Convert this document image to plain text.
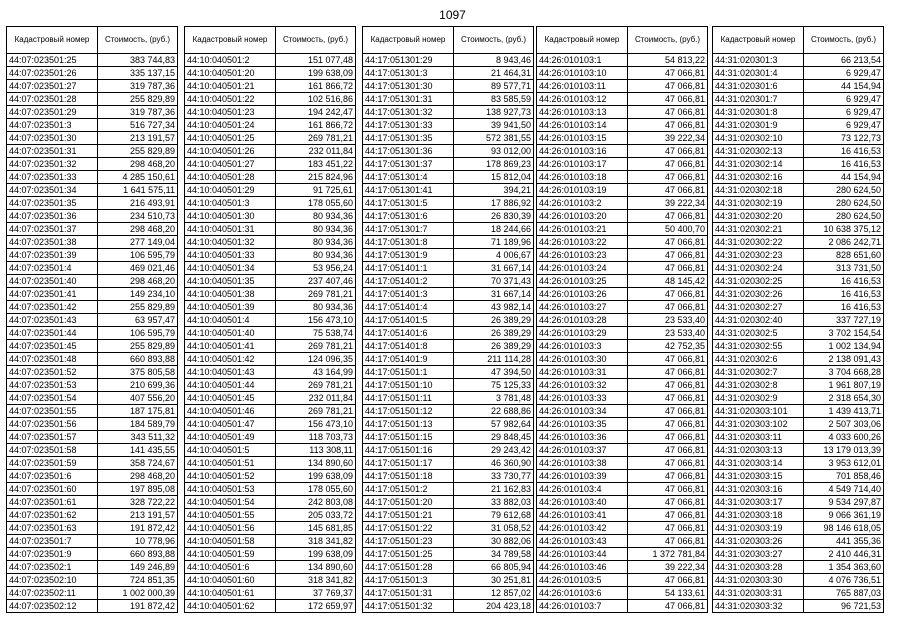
1097
Кадастровый номер	Стоимость, (руб.)
44:07:023501:25	383 744,83
44:07:023501:26	335 137,15
44:07:023501:27	319 787,36
44:07:023501:28	255 829,89
44:07:023501:29	319 787,36
44:07:023501:3	516 727,34
44:07:023501:30	213 191,57
44:07:023501:31	255 829,89
44:07:023501:32	298 468,20
44:07:023501:33	4 285 150,61
44:07:023501:34	1 641 575,11
44:07:023501:35	216 493,91
44:07:023501:36	234 510,73
44:07:023501:37	298 468,20
44:07:023501:38	277 149,04
44:07:023501:39	106 595,79
44:07:023501:4	469 021,46
44:07:023501:40	298 468,20
44:07:023501:41	149 234,10
44:07:023501:42	255 829,89
44:07:023501:43	63 957,47
44:07:023501:44	106 595,79
44:07:023501:45	255 829,89
44:07:023501:48	660 893,88
44:07:023501:52	375 805,58
44:07:023501:53	210 699,36
44:07:023501:54	407 556,20
44:07:023501:55	187 175,81
44:07:023501:56	184 589,79
44:07:023501:57	343 511,32
44:07:023501:58	141 435,55
44:07:023501:59	358 724,67
44:07:023501:6	298 468,20
44:07:023501:60	197 895,08
44:07:023501:61	328 722,22
44:07:023501:62	213 191,57
44:07:023501:63	191 872,42
44:07:023501:7	10 778,96
44:07:023501:9	660 893,88
44:07:023502:1	149 246,89
44:07:023502:10	724 851,35
44:07:023502:11	1 002 000,39
44:07:023502:12	191 872,42
Кадастровый номер	Стоимость, (руб.)
44:10:040501:2	151 077,48
44:10:040501:20	199 638,09
44:10:040501:21	161 866,72
44:10:040501:22	102 516,86
44:10:040501:23	194 242,47
44:10:040501:24	161 866,72
44:10:040501:25	269 781,21
44:10:040501:26	232 011,84
44:10:040501:27	183 451,22
44:10:040501:28	215 824,96
44:10:040501:29	91 725,61
44:10:040501:3	178 055,60
44:10:040501:30	80 934,36
44:10:040501:31	80 934,36
44:10:040501:32	80 934,36
44:10:040501:33	80 934,36
44:10:040501:34	53 956,24
44:10:040501:35	237 407,46
44:10:040501:38	269 781,21
44:10:040501:39	80 934,36
44:10:040501:4	156 473,10
44:10:040501:40	75 538,74
44:10:040501:41	269 781,21
44:10:040501:42	124 096,35
44:10:040501:43	43 164,99
44:10:040501:44	269 781,21
44:10:040501:45	232 011,84
44:10:040501:46	269 781,21
44:10:040501:47	156 473,10
44:10:040501:49	118 703,73
44:10:040501:5	113 308,11
44:10:040501:51	134 890,60
44:10:040501:52	199 638,09
44:10:040501:53	178 055,60
44:10:040501:54	242 803,08
44:10:040501:55	205 033,72
44:10:040501:56	145 681,85
44:10:040501:58	318 341,82
44:10:040501:59	199 638,09
44:10:040501:6	134 890,60
44:10:040501:60	318 341,82
44:10:040501:61	37 769,37
44:10:040501:62	172 659,97
Кадастровый номер	Стоимость, (руб.)
44:17:051301:29	8 943,46
44:17:051301:3	21 464,31
44:17:051301:30	89 577,71
44:17:051301:31	83 585,59
44:17:051301:32	138 927,73
44:17:051301:33	39 941,50
44:17:051301:35	572 381,55
44:17:051301:36	93 012,00
44:17:051301:37	178 869,23
44:17:051301:4	15 812,04
44:17:051301:41	394,21
44:17:051301:5	17 886,92
44:17:051301:6	26 830,39
44:17:051301:7	18 244,66
44:17:051301:8	71 189,96
44:17:051301:9	4 006,67
44:17:051401:1	31 667,14
44:17:051401:2	70 371,43
44:17:051401:3	31 667,14
44:17:051401:4	43 982,14
44:17:051401:5	26 389,29
44:17:051401:6	26 389,29
44:17:051401:8	26 389,29
44:17:051401:9	211 114,28
44:17:051501:1	47 394,50
44:17:051501:10	75 125,33
44:17:051501:11	3 781,48
44:17:051501:12	22 688,86
44:17:051501:13	57 982,64
44:17:051501:15	29 848,45
44:17:051501:16	29 243,42
44:17:051501:17	46 360,90
44:17:051501:18	33 730,77
44:17:051501:2	21 162,83
44:17:051501:20	33 882,03
44:17:051501:21	79 612,68
44:17:051501:22	31 058,52
44:17:051501:23	30 882,06
44:17:051501:25	34 789,58
44:17:051501:28	66 805,94
44:17:051501:3	30 251,81
44:17:051501:31	12 857,02
44:17:051501:32	204 423,18
Кадастровый номер	Стоимость, (руб.)
44:26:010103:1	54 813,22
44:26:010103:10	47 066,81
44:26:010103:11	47 066,81
44:26:010103:12	47 066,81
44:26:010103:13	47 066,81
44:26:010103:14	47 066,81
44:26:010103:15	39 222,34
44:26:010103:16	47 066,81
44:26:010103:17	47 066,81
44:26:010103:18	47 066,81
44:26:010103:19	47 066,81
44:26:010103:2	39 222,34
44:26:010103:20	47 066,81
44:26:010103:21	50 400,70
44:26:010103:22	47 066,81
44:26:010103:23	47 066,81
44:26:010103:24	47 066,81
44:26:010103:25	48 145,42
44:26:010103:26	47 066,81
44:26:010103:27	47 066,81
44:26:010103:28	23 533,40
44:26:010103:29	23 533,40
44:26:010103:3	42 752,35
44:26:010103:30	47 066,81
44:26:010103:31	47 066,81
44:26:010103:32	47 066,81
44:26:010103:33	47 066,81
44:26:010103:34	47 066,81
44:26:010103:35	47 066,81
44:26:010103:36	47 066,81
44:26:010103:37	47 066,81
44:26:010103:38	47 066,81
44:26:010103:39	47 066,81
44:26:010103:4	47 066,81
44:26:010103:40	47 066,81
44:26:010103:41	47 066,81
44:26:010103:42	47 066,81
44:26:010103:43	47 066,81
44:26:010103:44	1 372 781,84
44:26:010103:46	39 222,34
44:26:010103:5	47 066,81
44:26:010103:6	54 133,61
44:26:010103:7	47 066,81
Кадастровый номер	Стоимость, (руб.)
44:31:020301:3	66 213,54
44:31:020301:4	6 929,47
44:31:020301:6	44 154,94
44:31:020301:7	6 929,47
44:31:020301:8	6 929,47
44:31:020301:9	6 929,47
44:31:020302:10	73 122,73
44:31:020302:13	16 416,53
44:31:020302:14	16 416,53
44:31:020302:16	44 154,94
44:31:020302:18	280 624,50
44:31:020302:19	280 624,50
44:31:020302:20	280 624,50
44:31:020302:21	10 638 375,12
44:31:020302:22	2 086 242,71
44:31:020302:23	828 651,60
44:31:020302:24	313 731,50
44:31:020302:25	16 416,53
44:31:020302:26	16 416,53
44:31:020302:27	16 416,53
44:31:020302:40	337 727,19
44:31:020302:5	3 702 154,54
44:31:020302:55	1 002 134,94
44:31:020302:6	2 138 091,43
44:31:020302:7	3 704 668,28
44:31:020302:8	1 961 807,19
44:31:020302:9	2 318 654,30
44:31:020303:101	1 439 413,71
44:31:020303:102	2 507 303,06
44:31:020303:11	4 033 600,26
44:31:020303:13	13 179 013,39
44:31:020303:14	3 953 612,01
44:31:020303:15	701 858,46
44:31:020303:16	4 549 714,40
44:31:020303:17	9 534 297,87
44:31:020303:18	9 066 361,19
44:31:020303:19	98 146 618,05
44:31:020303:26	441 355,36
44:31:020303:27	2 410 446,31
44:31:020303:28	1 354 363,60
44:31:020303:30	4 076 736,51
44:31:020303:31	765 887,03
44:31:020303:32	96 721,53
